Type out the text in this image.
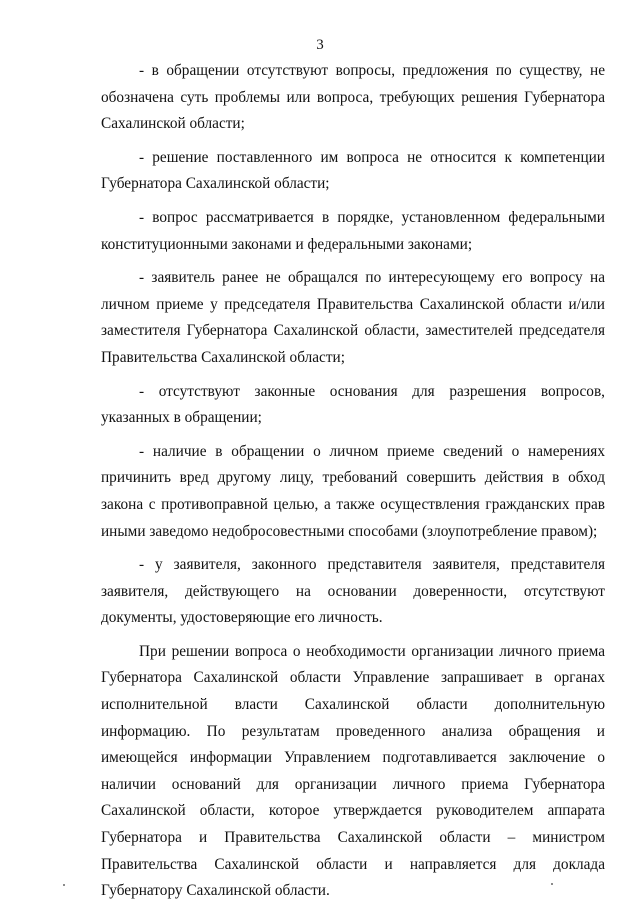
3

- в обращении отсутствуют вопросы, предложения по существу, не обозначена суть проблемы или вопроса, требующих решения Губернатора Сахалинской области;

- решение поставленного им вопроса не относится к компетенции Губернатора Сахалинской области;

- вопрос рассматривается в порядке, установленном федеральными конституционными законами и федеральными законами;

- заявитель ранее не обращался по интересующему его вопросу на личном приеме у председателя Правительства Сахалинской области и/или заместителя Губернатора Сахалинской области, заместителей председателя Правительства Сахалинской области;

- отсутствуют законные основания для разрешения вопросов, указанных в обращении;

- наличие в обращении о личном приеме сведений о намерениях причинить вред другому лицу, требований совершить действия в обход закона с противоправной целью, а также осуществления гражданских прав иными заведомо недобросовестными способами (злоупотребление правом);

- у заявителя, законного представителя заявителя, представителя заявителя, действующего на основании доверенности, отсутствуют документы, удостоверяющие его личность.

При решении вопроса о необходимости организации личного приема Губернатора Сахалинской области Управление запрашивает в органах исполнительной власти Сахалинской области дополнительную информацию. По результатам проведенного анализа обращения и имеющейся информации Управлением подготавливается заключение о наличии оснований для организации личного приема Губернатора Сахалинской области, которое утверждается руководителем аппарата Губернатора и Правительства Сахалинской области – министром Правительства Сахалинской области и направляется для доклада Губернатору Сахалинской области.
